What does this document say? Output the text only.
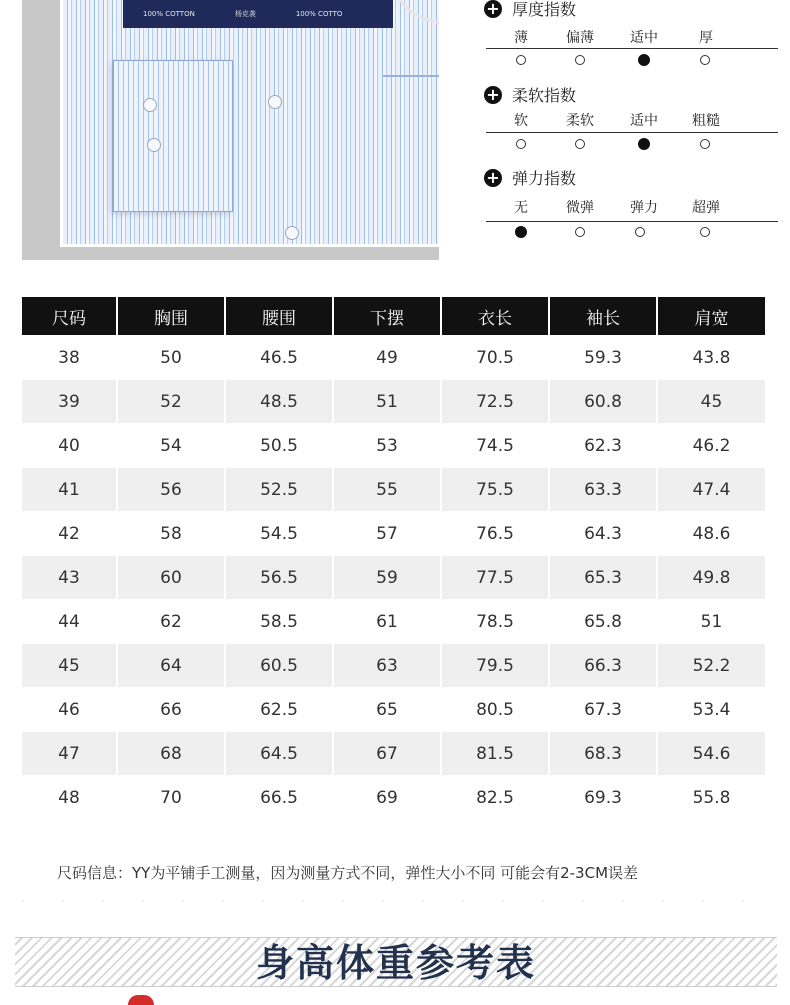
100% COTTON	杨克袭	100% COTTO	+ 厚度指数
薄	偏薄	适中	厚
+ 柔软指数
软	柔软	适中	粗糙
+ 弹力指数
无	微弹	弹力	超弹
尺码	胸围	腰围	下摆	衣长	袖长	肩宽
38	50	46.5	49	70.5	59.3	43.8
39	52	48.5	51	72.5	60.8	45
40	54	50.5	53	74.5	62.3	46.2
41	56	52.5	55	75.5	63.3	47.4
42	58	54.5	57	76.5	64.3	48.6
43	60	56.5	59	77.5	65.3	49.8
44	62	58.5	61	78.5	65.8	51
45	64	60.5	63	79.5	66.3	52.2
46	66	62.5	65	80.5	67.3	53.4
47	68	64.5	67	81.5	68.3	54.6
48	70	66.5	69	82.5	69.3	55.8
尺码信息：YY为平铺手工测量，因为测量方式不同，弹性大小不同 可能会有2-3CM误差
身高体重参考表
